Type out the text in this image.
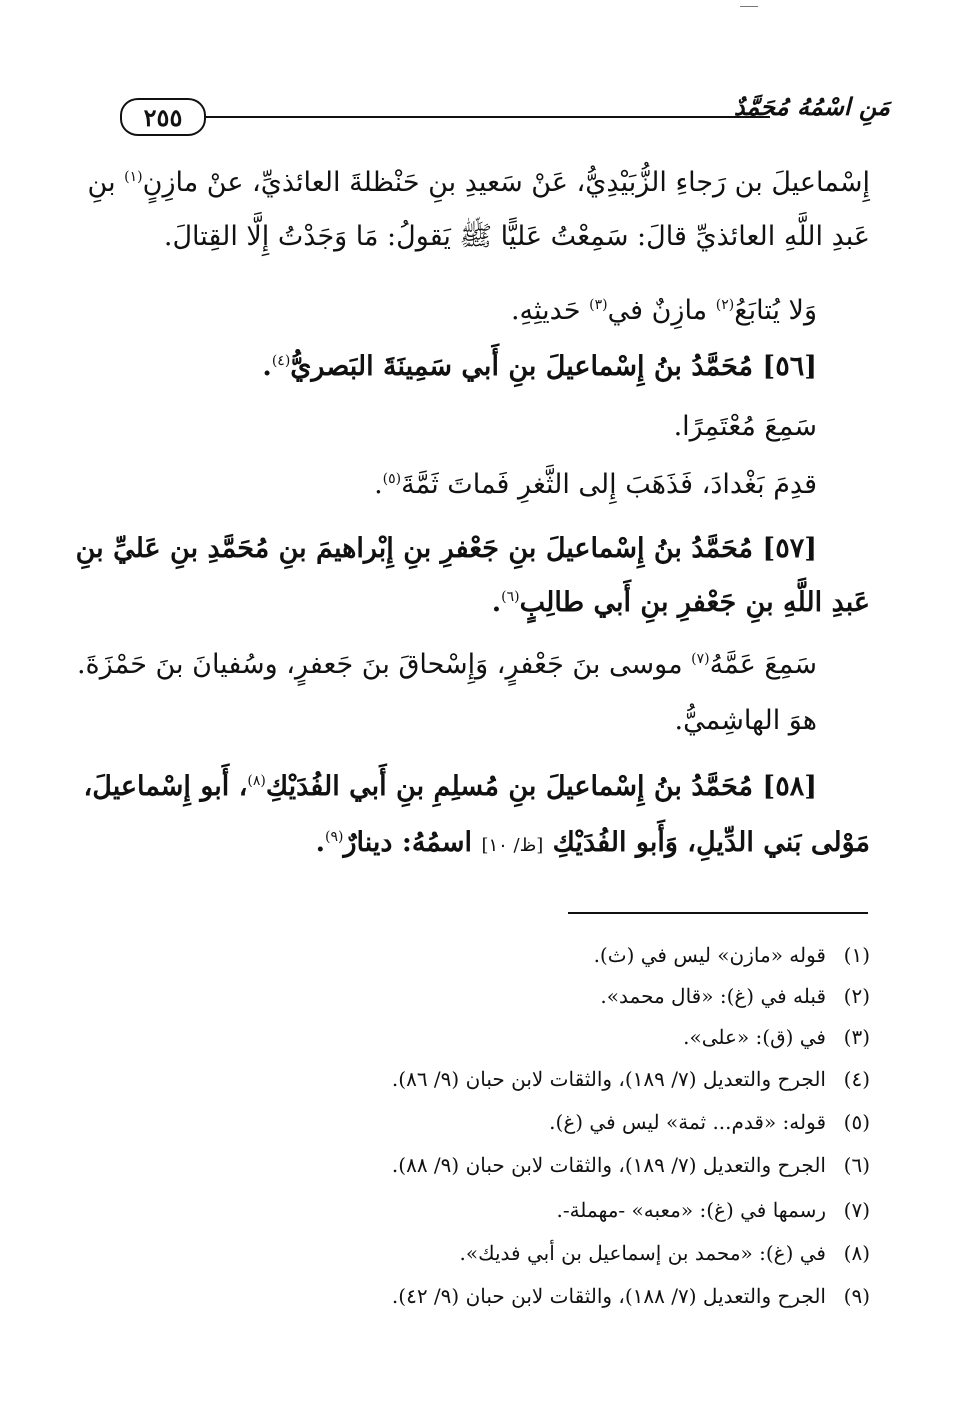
٢٥٥	مَنِ اسْمُهُ مُحَمَّدٌ
إِسْماعيلَ بن رَجاءِ الزُّبَيْدِيُّ، عَنْ سَعيدِ بنِ حَنْظلةَ العائذيِّ، عنْ مازِنٍ$^{(١)}$ بنِ
عَبدِ اللَّهِ العائذيِّ قالَ: سَمِعْتُ عَليًّا ﷺ يَقولُ: مَا وَجَدْتُ إِلَّا القِتالَ.
وَلا يُتابَعُ$^{(٢)}$ مازِنٌ في$^{(٣)}$ حَديثِهِ.
[٥٦] مُحَمَّدُ بنُ إِسْماعيلَ بنِ أَبي سَمِينَةَ البَصريُّ$^{(٤)}$.
سَمِعَ مُعْتَمِرًا.
قدِمَ بَغْدادَ، فَذَهَبَ إِلى الثَّغرِ فَماتَ ثَمَّةَ$^{(٥)}$.
[٥٧] مُحَمَّدُ بنُ إِسْماعيلَ بنِ جَعْفرِ بنِ إِبْراهيمَ بنِ مُحَمَّدِ بنِ عَليِّ بنِ
عَبدِ اللَّهِ بنِ جَعْفرِ بنِ أَبي طالِبٍ$^{(٦)}$.
سَمِعَ عَمَّهُ$^{(٧)}$ موسى بنَ جَعْفرٍ، وَإِسْحاقَ بنَ جَعفرٍ، وسُفيانَ بنَ حَمْزَةَ.
هوَ الهاشِميُّ.
[٥٨] مُحَمَّدُ بنُ إِسْماعيلَ بنِ مُسلِمِ بنِ أَبي الفُدَيْكِ$^{(٨)}$، أَبو إِسْماعيلَ،
مَوْلى بَني الدِّيلِ، وَأَبو الفُدَيْكِ [ظ/ ١٠] اسمُهُ: دينارٌ$^{(٩)}$.
(١)قوله «مازن» ليس في (ث).
(٢)قبله في (غ): «قال محمد».
(٣)في (ق): «على».
(٤)الجرح والتعديل (٧/ ١٨٩)، والثقات لابن حبان (٩/ ٨٦).
(٥)قوله: «قدم... ثمة» ليس في (غ).
(٦)الجرح والتعديل (٧/ ١٨٩)، والثقات لابن حبان (٩/ ٨٨).
(٧)رسمها في (غ): «معبه» -مهملة-.
(٨)في (غ): «محمد بن إسماعيل بن أبي فديك».
(٩)الجرح والتعديل (٧/ ١٨٨)، والثقات لابن حبان (٩/ ٤٢).
